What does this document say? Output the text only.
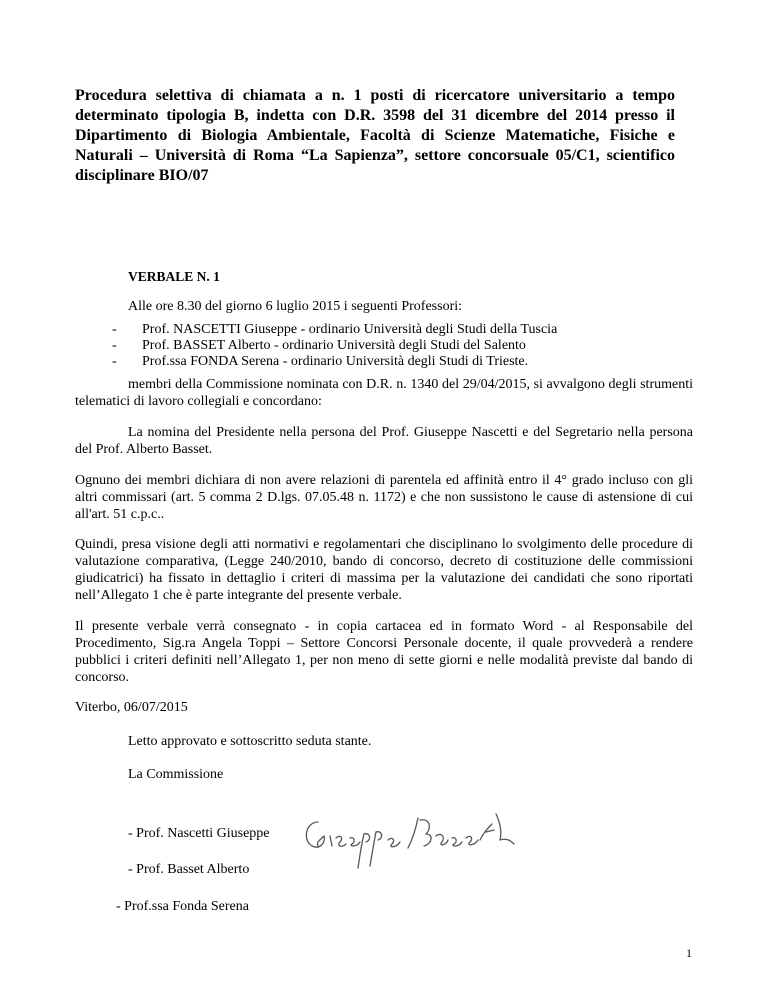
Procedura selettiva di chiamata a n. 1 posti di ricercatore universitario a tempo determinato tipologia B, indetta con D.R. 3598 del 31 dicembre del 2014 presso il Dipartimento di Biologia Ambientale, Facoltà di Scienze Matematiche, Fisiche e Naturali – Università di Roma “La Sapienza”, settore concorsuale 05/C1, scientifico disciplinare BIO/07
VERBALE N. 1
Alle ore 8.30 del giorno 6 luglio 2015 i seguenti Professori:
-	Prof. NASCETTI Giuseppe - ordinario Università degli Studi della Tuscia
-	Prof. BASSET Alberto - ordinario Università degli Studi del Salento
-	Prof.ssa FONDA Serena - ordinario Università degli Studi di Trieste.
membri della Commissione nominata con D.R. n. 1340 del 29/04/2015, si avvalgono degli strumenti telematici di lavoro collegiali e concordano:
La nomina del Presidente nella persona del Prof. Giuseppe Nascetti e del Segretario nella persona del Prof. Alberto Basset.
Ognuno dei membri dichiara di non avere relazioni di parentela ed affinità entro il 4° grado incluso con gli altri commissari (art. 5 comma 2 D.lgs. 07.05.48 n. 1172) e che non sussistono le cause di astensione di cui all'art. 51 c.p.c..
Quindi, presa visione degli atti normativi e regolamentari che disciplinano lo svolgimento delle procedure di valutazione comparativa, (Legge 240/2010, bando di concorso, decreto di costituzione delle commissioni giudicatrici) ha fissato in dettaglio i criteri di massima per la valutazione dei candidati che sono riportati nell’Allegato 1 che è parte integrante del presente verbale.
Il presente verbale verrà consegnato - in copia cartacea ed in formato Word - al Responsabile del Procedimento, Sig.ra Angela Toppi – Settore Concorsi Personale docente, il quale provvederà a rendere pubblici i criteri definiti nell’Allegato 1, per non meno di sette giorni e nelle modalità previste dal bando di concorso.
Viterbo, 06/07/2015
Letto approvato e sottoscritto seduta stante.
La Commissione
- Prof. Nascetti Giuseppe
- Prof. Basset Alberto
- Prof.ssa Fonda Serena
1
